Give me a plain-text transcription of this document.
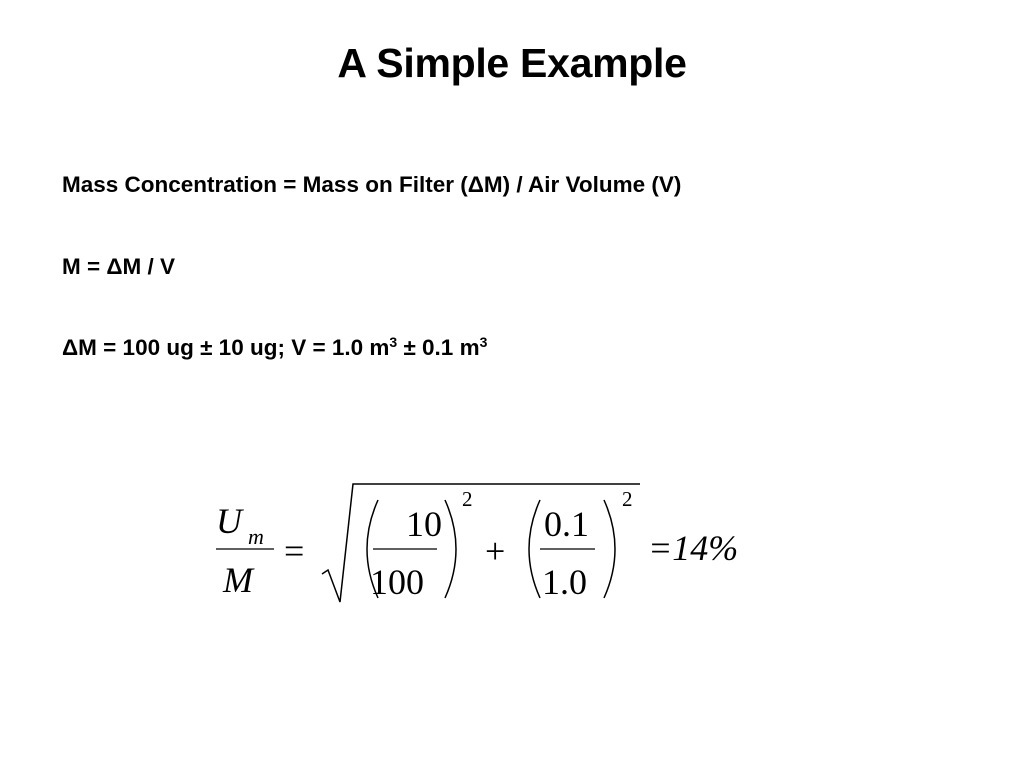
A Simple Example
Mass Concentration = Mass on Filter (ΔM) / Air Volume (V)
M = ΔM / V
ΔM = 100 ug ± 10 ug; V = 1.0 $m^3 \pm 0.1$ $m^3$
U m
M
=
10
100
2
+
0.1
1.0
2
=14%
